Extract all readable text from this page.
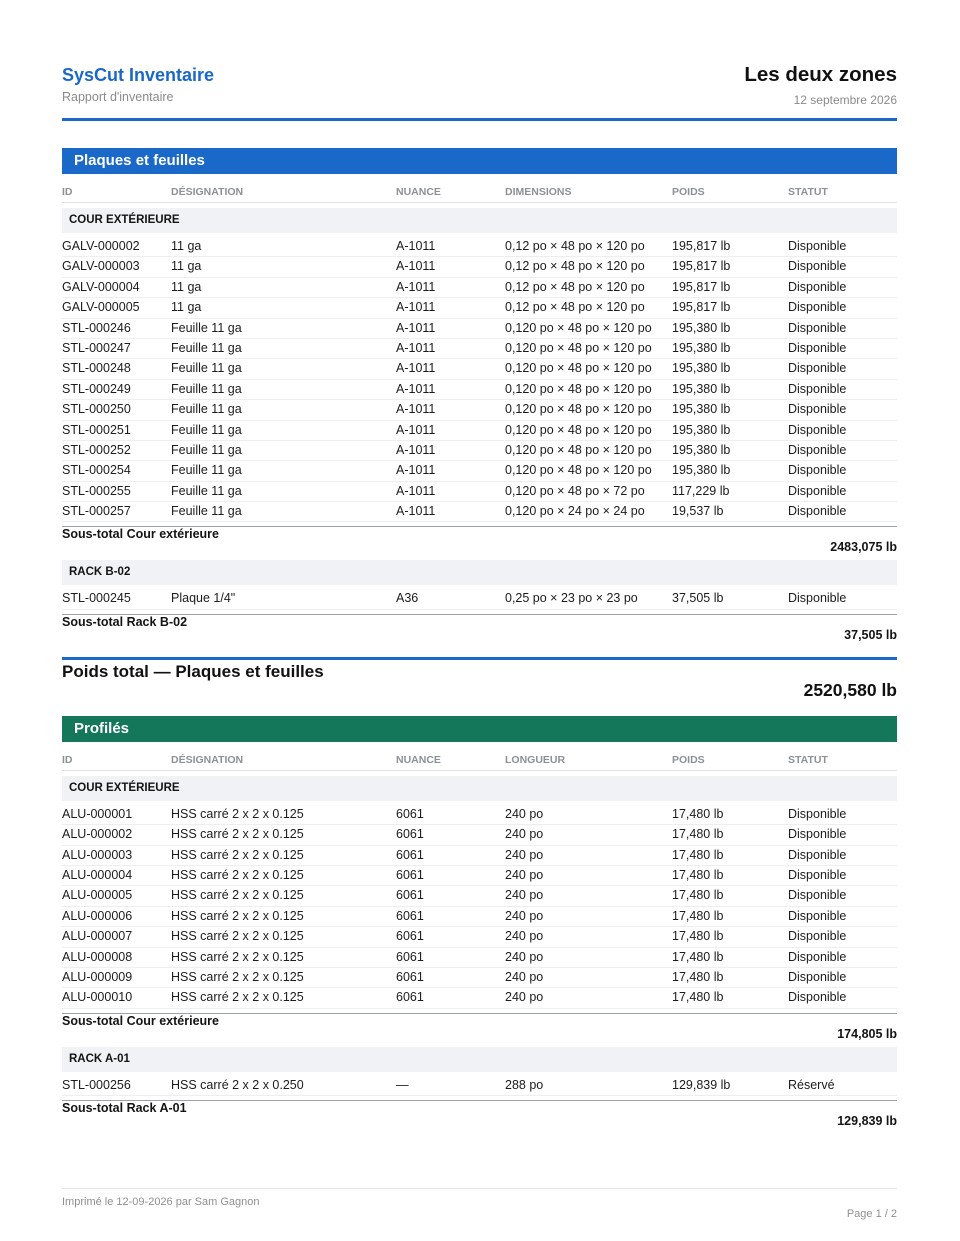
SysCut Inventaire
Rapport d'inventaire
Les deux zones
12 septembre 2026
Plaques et feuilles
ID	DÉSIGNATION	NUANCE	DIMENSIONS	POIDS	STATUT
COUR EXTÉRIEURE
GALV-000002	11 ga	A-1011	0,12 po × 48 po × 120 po	195,817 lb	Disponible
GALV-000003	11 ga	A-1011	0,12 po × 48 po × 120 po	195,817 lb	Disponible
GALV-000004	11 ga	A-1011	0,12 po × 48 po × 120 po	195,817 lb	Disponible
GALV-000005	11 ga	A-1011	0,12 po × 48 po × 120 po	195,817 lb	Disponible
STL-000246	Feuille 11 ga	A-1011	0,120 po × 48 po × 120 po	195,380 lb	Disponible
STL-000247	Feuille 11 ga	A-1011	0,120 po × 48 po × 120 po	195,380 lb	Disponible
STL-000248	Feuille 11 ga	A-1011	0,120 po × 48 po × 120 po	195,380 lb	Disponible
STL-000249	Feuille 11 ga	A-1011	0,120 po × 48 po × 120 po	195,380 lb	Disponible
STL-000250	Feuille 11 ga	A-1011	0,120 po × 48 po × 120 po	195,380 lb	Disponible
STL-000251	Feuille 11 ga	A-1011	0,120 po × 48 po × 120 po	195,380 lb	Disponible
STL-000252	Feuille 11 ga	A-1011	0,120 po × 48 po × 120 po	195,380 lb	Disponible
STL-000254	Feuille 11 ga	A-1011	0,120 po × 48 po × 120 po	195,380 lb	Disponible
STL-000255	Feuille 11 ga	A-1011	0,120 po × 48 po × 72 po	117,229 lb	Disponible
STL-000257	Feuille 11 ga	A-1011	0,120 po × 24 po × 24 po	19,537 lb	Disponible
Sous-total Cour extérieure
2483,075 lb
RACK B-02
STL-000245	Plaque 1/4"	A36	0,25 po × 23 po × 23 po	37,505 lb	Disponible
Sous-total Rack B-02
37,505 lb
Poids total — Plaques et feuilles
2520,580 lb
Profilés
ID	DÉSIGNATION	NUANCE	LONGUEUR	POIDS	STATUT
COUR EXTÉRIEURE
ALU-000001	HSS carré 2 x 2 x 0.125	6061	240 po	17,480 lb	Disponible
ALU-000002	HSS carré 2 x 2 x 0.125	6061	240 po	17,480 lb	Disponible
ALU-000003	HSS carré 2 x 2 x 0.125	6061	240 po	17,480 lb	Disponible
ALU-000004	HSS carré 2 x 2 x 0.125	6061	240 po	17,480 lb	Disponible
ALU-000005	HSS carré 2 x 2 x 0.125	6061	240 po	17,480 lb	Disponible
ALU-000006	HSS carré 2 x 2 x 0.125	6061	240 po	17,480 lb	Disponible
ALU-000007	HSS carré 2 x 2 x 0.125	6061	240 po	17,480 lb	Disponible
ALU-000008	HSS carré 2 x 2 x 0.125	6061	240 po	17,480 lb	Disponible
ALU-000009	HSS carré 2 x 2 x 0.125	6061	240 po	17,480 lb	Disponible
ALU-000010	HSS carré 2 x 2 x 0.125	6061	240 po	17,480 lb	Disponible
Sous-total Cour extérieure
174,805 lb
RACK A-01
STL-000256	HSS carré 2 x 2 x 0.250	—	288 po	129,839 lb	Réservé
Sous-total Rack A-01
129,839 lb
Imprimé le 12-09-2026 par Sam Gagnon
Page 1 / 2
